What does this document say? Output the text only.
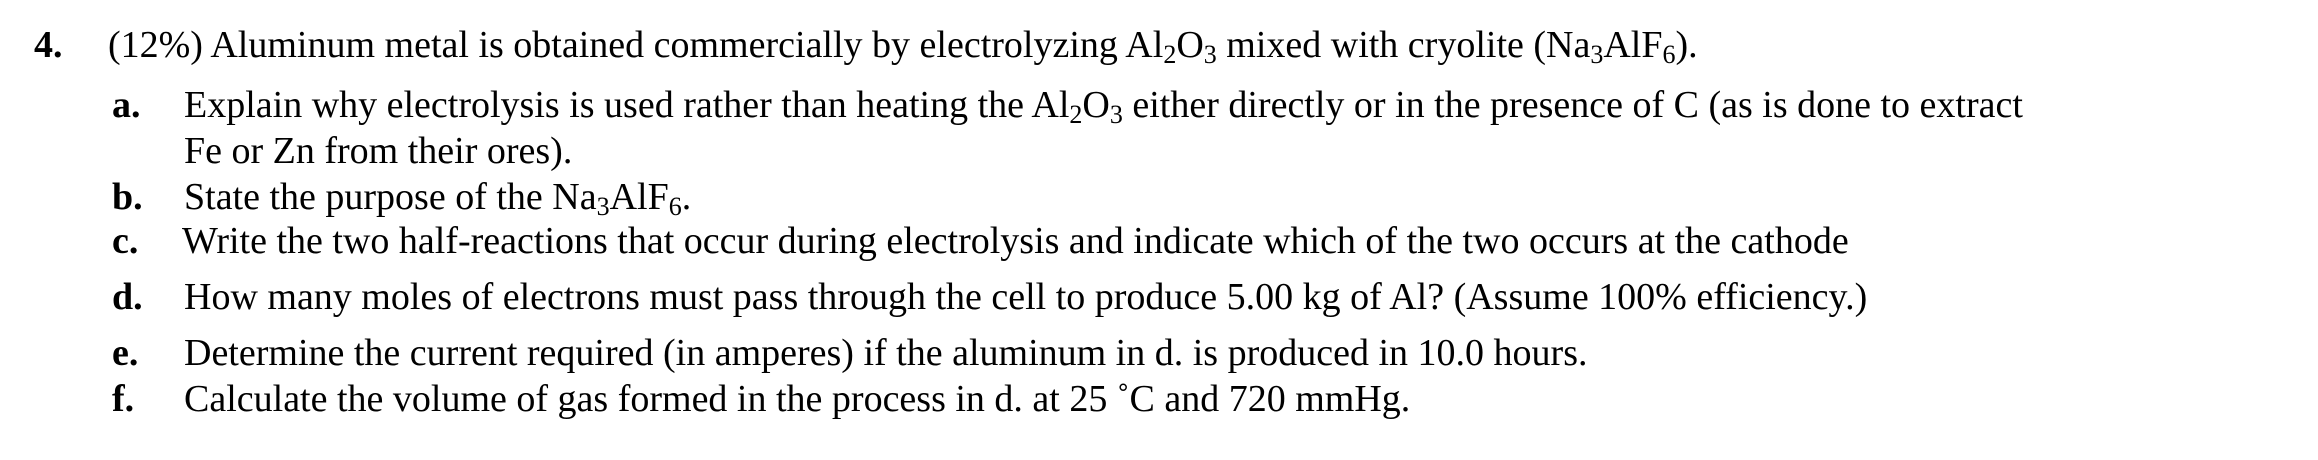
4. (12%) Aluminum metal is obtained commercially by electrolyzing $Al_2O_3$ mixed with cryolite $(Na_3AlF_6)$.
a. Explain why electrolysis is used rather than heating the $Al_2O_3$ either directly or in the presence of C (as is done to extract
Fe or Zn from their ores).
b. State the purpose of the $Na_3AlF_6$.
c. Write the two half-reactions that occur during electrolysis and indicate which of the two occurs at the cathode
d. How many moles of electrons must pass through the cell to produce 5.00 kg of Al? (Assume 100% efficiency.)
e. Determine the current required (in amperes) if the aluminum in d. is produced in 10.0 hours.
f. Calculate the volume of gas formed in the process in d. at 25 ˚C and 720 mmHg.
